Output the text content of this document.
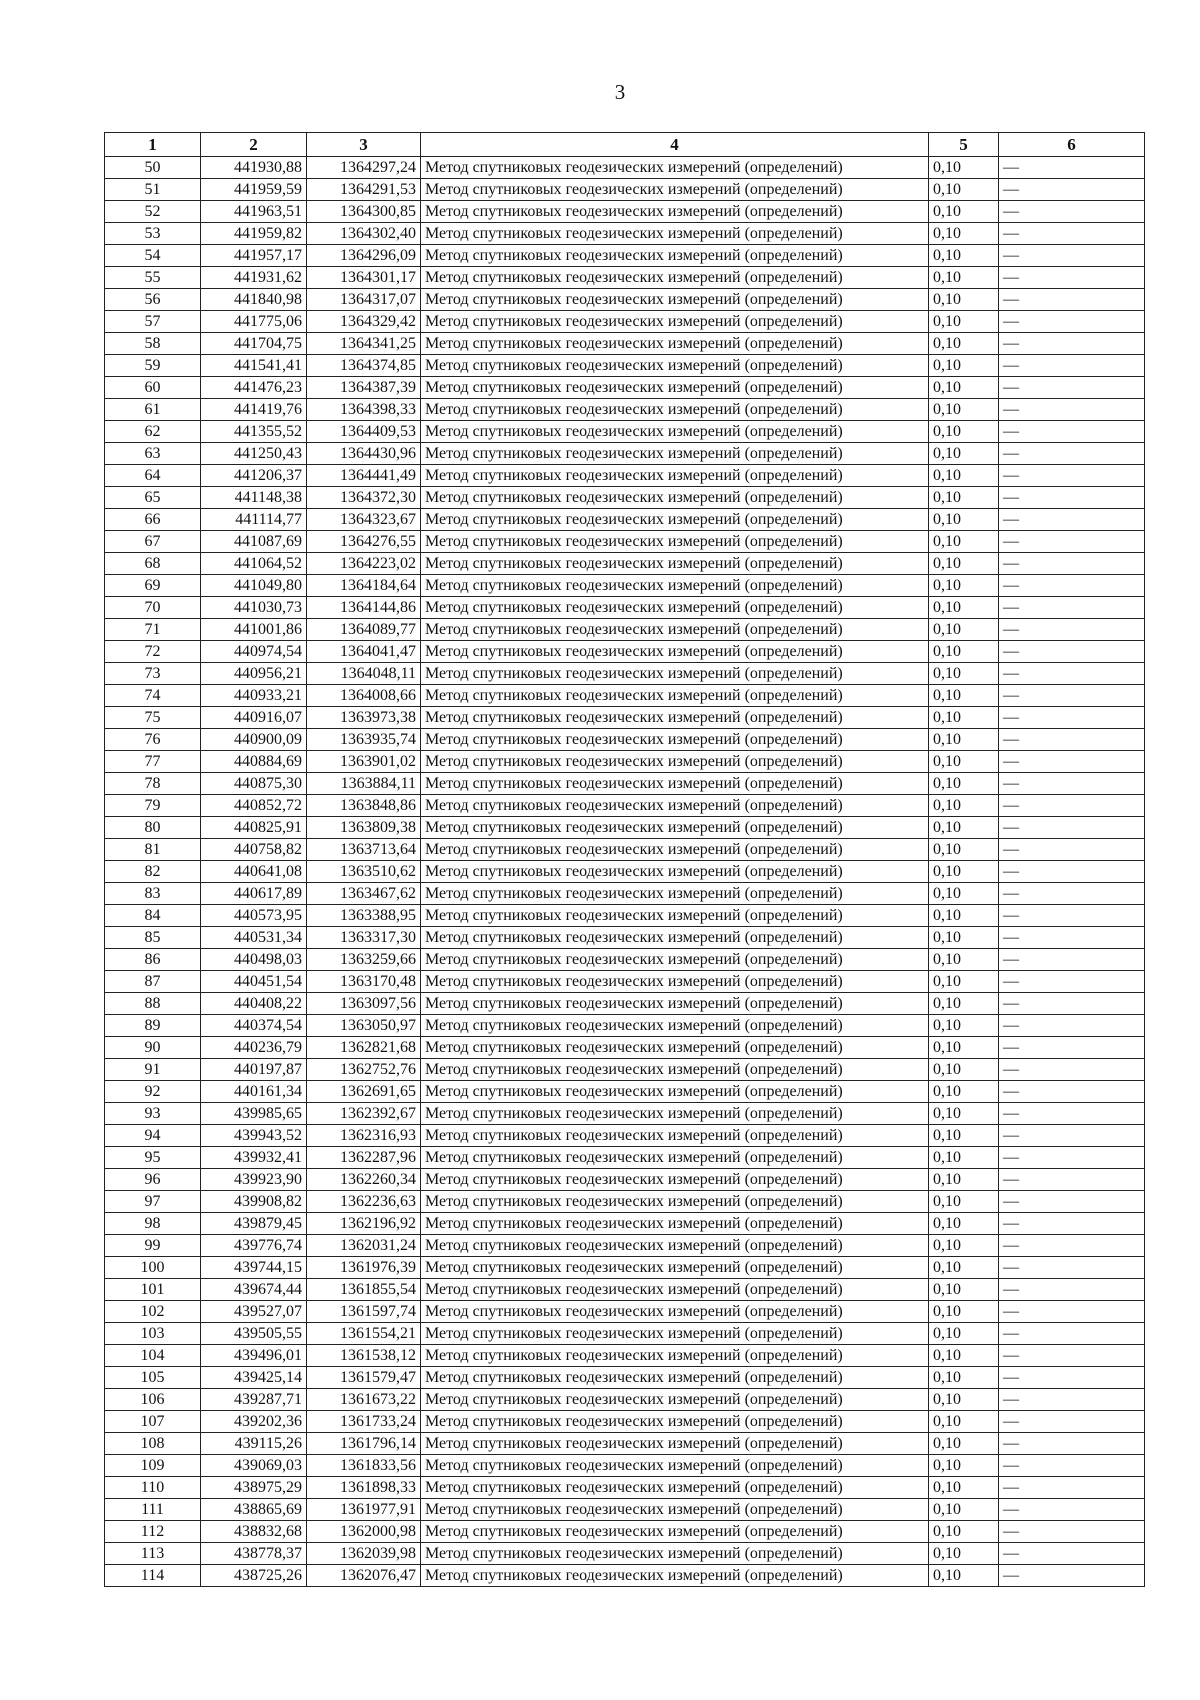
3
1	2	3	4	5	6
50	441930,88	1364297,24	Метод спутниковых геодезических измерений (определений)	0,10	—
51	441959,59	1364291,53	Метод спутниковых геодезических измерений (определений)	0,10	—
52	441963,51	1364300,85	Метод спутниковых геодезических измерений (определений)	0,10	—
53	441959,82	1364302,40	Метод спутниковых геодезических измерений (определений)	0,10	—
54	441957,17	1364296,09	Метод спутниковых геодезических измерений (определений)	0,10	—
55	441931,62	1364301,17	Метод спутниковых геодезических измерений (определений)	0,10	—
56	441840,98	1364317,07	Метод спутниковых геодезических измерений (определений)	0,10	—
57	441775,06	1364329,42	Метод спутниковых геодезических измерений (определений)	0,10	—
58	441704,75	1364341,25	Метод спутниковых геодезических измерений (определений)	0,10	—
59	441541,41	1364374,85	Метод спутниковых геодезических измерений (определений)	0,10	—
60	441476,23	1364387,39	Метод спутниковых геодезических измерений (определений)	0,10	—
61	441419,76	1364398,33	Метод спутниковых геодезических измерений (определений)	0,10	—
62	441355,52	1364409,53	Метод спутниковых геодезических измерений (определений)	0,10	—
63	441250,43	1364430,96	Метод спутниковых геодезических измерений (определений)	0,10	—
64	441206,37	1364441,49	Метод спутниковых геодезических измерений (определений)	0,10	—
65	441148,38	1364372,30	Метод спутниковых геодезических измерений (определений)	0,10	—
66	441114,77	1364323,67	Метод спутниковых геодезических измерений (определений)	0,10	—
67	441087,69	1364276,55	Метод спутниковых геодезических измерений (определений)	0,10	—
68	441064,52	1364223,02	Метод спутниковых геодезических измерений (определений)	0,10	—
69	441049,80	1364184,64	Метод спутниковых геодезических измерений (определений)	0,10	—
70	441030,73	1364144,86	Метод спутниковых геодезических измерений (определений)	0,10	—
71	441001,86	1364089,77	Метод спутниковых геодезических измерений (определений)	0,10	—
72	440974,54	1364041,47	Метод спутниковых геодезических измерений (определений)	0,10	—
73	440956,21	1364048,11	Метод спутниковых геодезических измерений (определений)	0,10	—
74	440933,21	1364008,66	Метод спутниковых геодезических измерений (определений)	0,10	—
75	440916,07	1363973,38	Метод спутниковых геодезических измерений (определений)	0,10	—
76	440900,09	1363935,74	Метод спутниковых геодезических измерений (определений)	0,10	—
77	440884,69	1363901,02	Метод спутниковых геодезических измерений (определений)	0,10	—
78	440875,30	1363884,11	Метод спутниковых геодезических измерений (определений)	0,10	—
79	440852,72	1363848,86	Метод спутниковых геодезических измерений (определений)	0,10	—
80	440825,91	1363809,38	Метод спутниковых геодезических измерений (определений)	0,10	—
81	440758,82	1363713,64	Метод спутниковых геодезических измерений (определений)	0,10	—
82	440641,08	1363510,62	Метод спутниковых геодезических измерений (определений)	0,10	—
83	440617,89	1363467,62	Метод спутниковых геодезических измерений (определений)	0,10	—
84	440573,95	1363388,95	Метод спутниковых геодезических измерений (определений)	0,10	—
85	440531,34	1363317,30	Метод спутниковых геодезических измерений (определений)	0,10	—
86	440498,03	1363259,66	Метод спутниковых геодезических измерений (определений)	0,10	—
87	440451,54	1363170,48	Метод спутниковых геодезических измерений (определений)	0,10	—
88	440408,22	1363097,56	Метод спутниковых геодезических измерений (определений)	0,10	—
89	440374,54	1363050,97	Метод спутниковых геодезических измерений (определений)	0,10	—
90	440236,79	1362821,68	Метод спутниковых геодезических измерений (определений)	0,10	—
91	440197,87	1362752,76	Метод спутниковых геодезических измерений (определений)	0,10	—
92	440161,34	1362691,65	Метод спутниковых геодезических измерений (определений)	0,10	—
93	439985,65	1362392,67	Метод спутниковых геодезических измерений (определений)	0,10	—
94	439943,52	1362316,93	Метод спутниковых геодезических измерений (определений)	0,10	—
95	439932,41	1362287,96	Метод спутниковых геодезических измерений (определений)	0,10	—
96	439923,90	1362260,34	Метод спутниковых геодезических измерений (определений)	0,10	—
97	439908,82	1362236,63	Метод спутниковых геодезических измерений (определений)	0,10	—
98	439879,45	1362196,92	Метод спутниковых геодезических измерений (определений)	0,10	—
99	439776,74	1362031,24	Метод спутниковых геодезических измерений (определений)	0,10	—
100	439744,15	1361976,39	Метод спутниковых геодезических измерений (определений)	0,10	—
101	439674,44	1361855,54	Метод спутниковых геодезических измерений (определений)	0,10	—
102	439527,07	1361597,74	Метод спутниковых геодезических измерений (определений)	0,10	—
103	439505,55	1361554,21	Метод спутниковых геодезических измерений (определений)	0,10	—
104	439496,01	1361538,12	Метод спутниковых геодезических измерений (определений)	0,10	—
105	439425,14	1361579,47	Метод спутниковых геодезических измерений (определений)	0,10	—
106	439287,71	1361673,22	Метод спутниковых геодезических измерений (определений)	0,10	—
107	439202,36	1361733,24	Метод спутниковых геодезических измерений (определений)	0,10	—
108	439115,26	1361796,14	Метод спутниковых геодезических измерений (определений)	0,10	—
109	439069,03	1361833,56	Метод спутниковых геодезических измерений (определений)	0,10	—
110	438975,29	1361898,33	Метод спутниковых геодезических измерений (определений)	0,10	—
111	438865,69	1361977,91	Метод спутниковых геодезических измерений (определений)	0,10	—
112	438832,68	1362000,98	Метод спутниковых геодезических измерений (определений)	0,10	—
113	438778,37	1362039,98	Метод спутниковых геодезических измерений (определений)	0,10	—
114	438725,26	1362076,47	Метод спутниковых геодезических измерений (определений)	0,10	—
